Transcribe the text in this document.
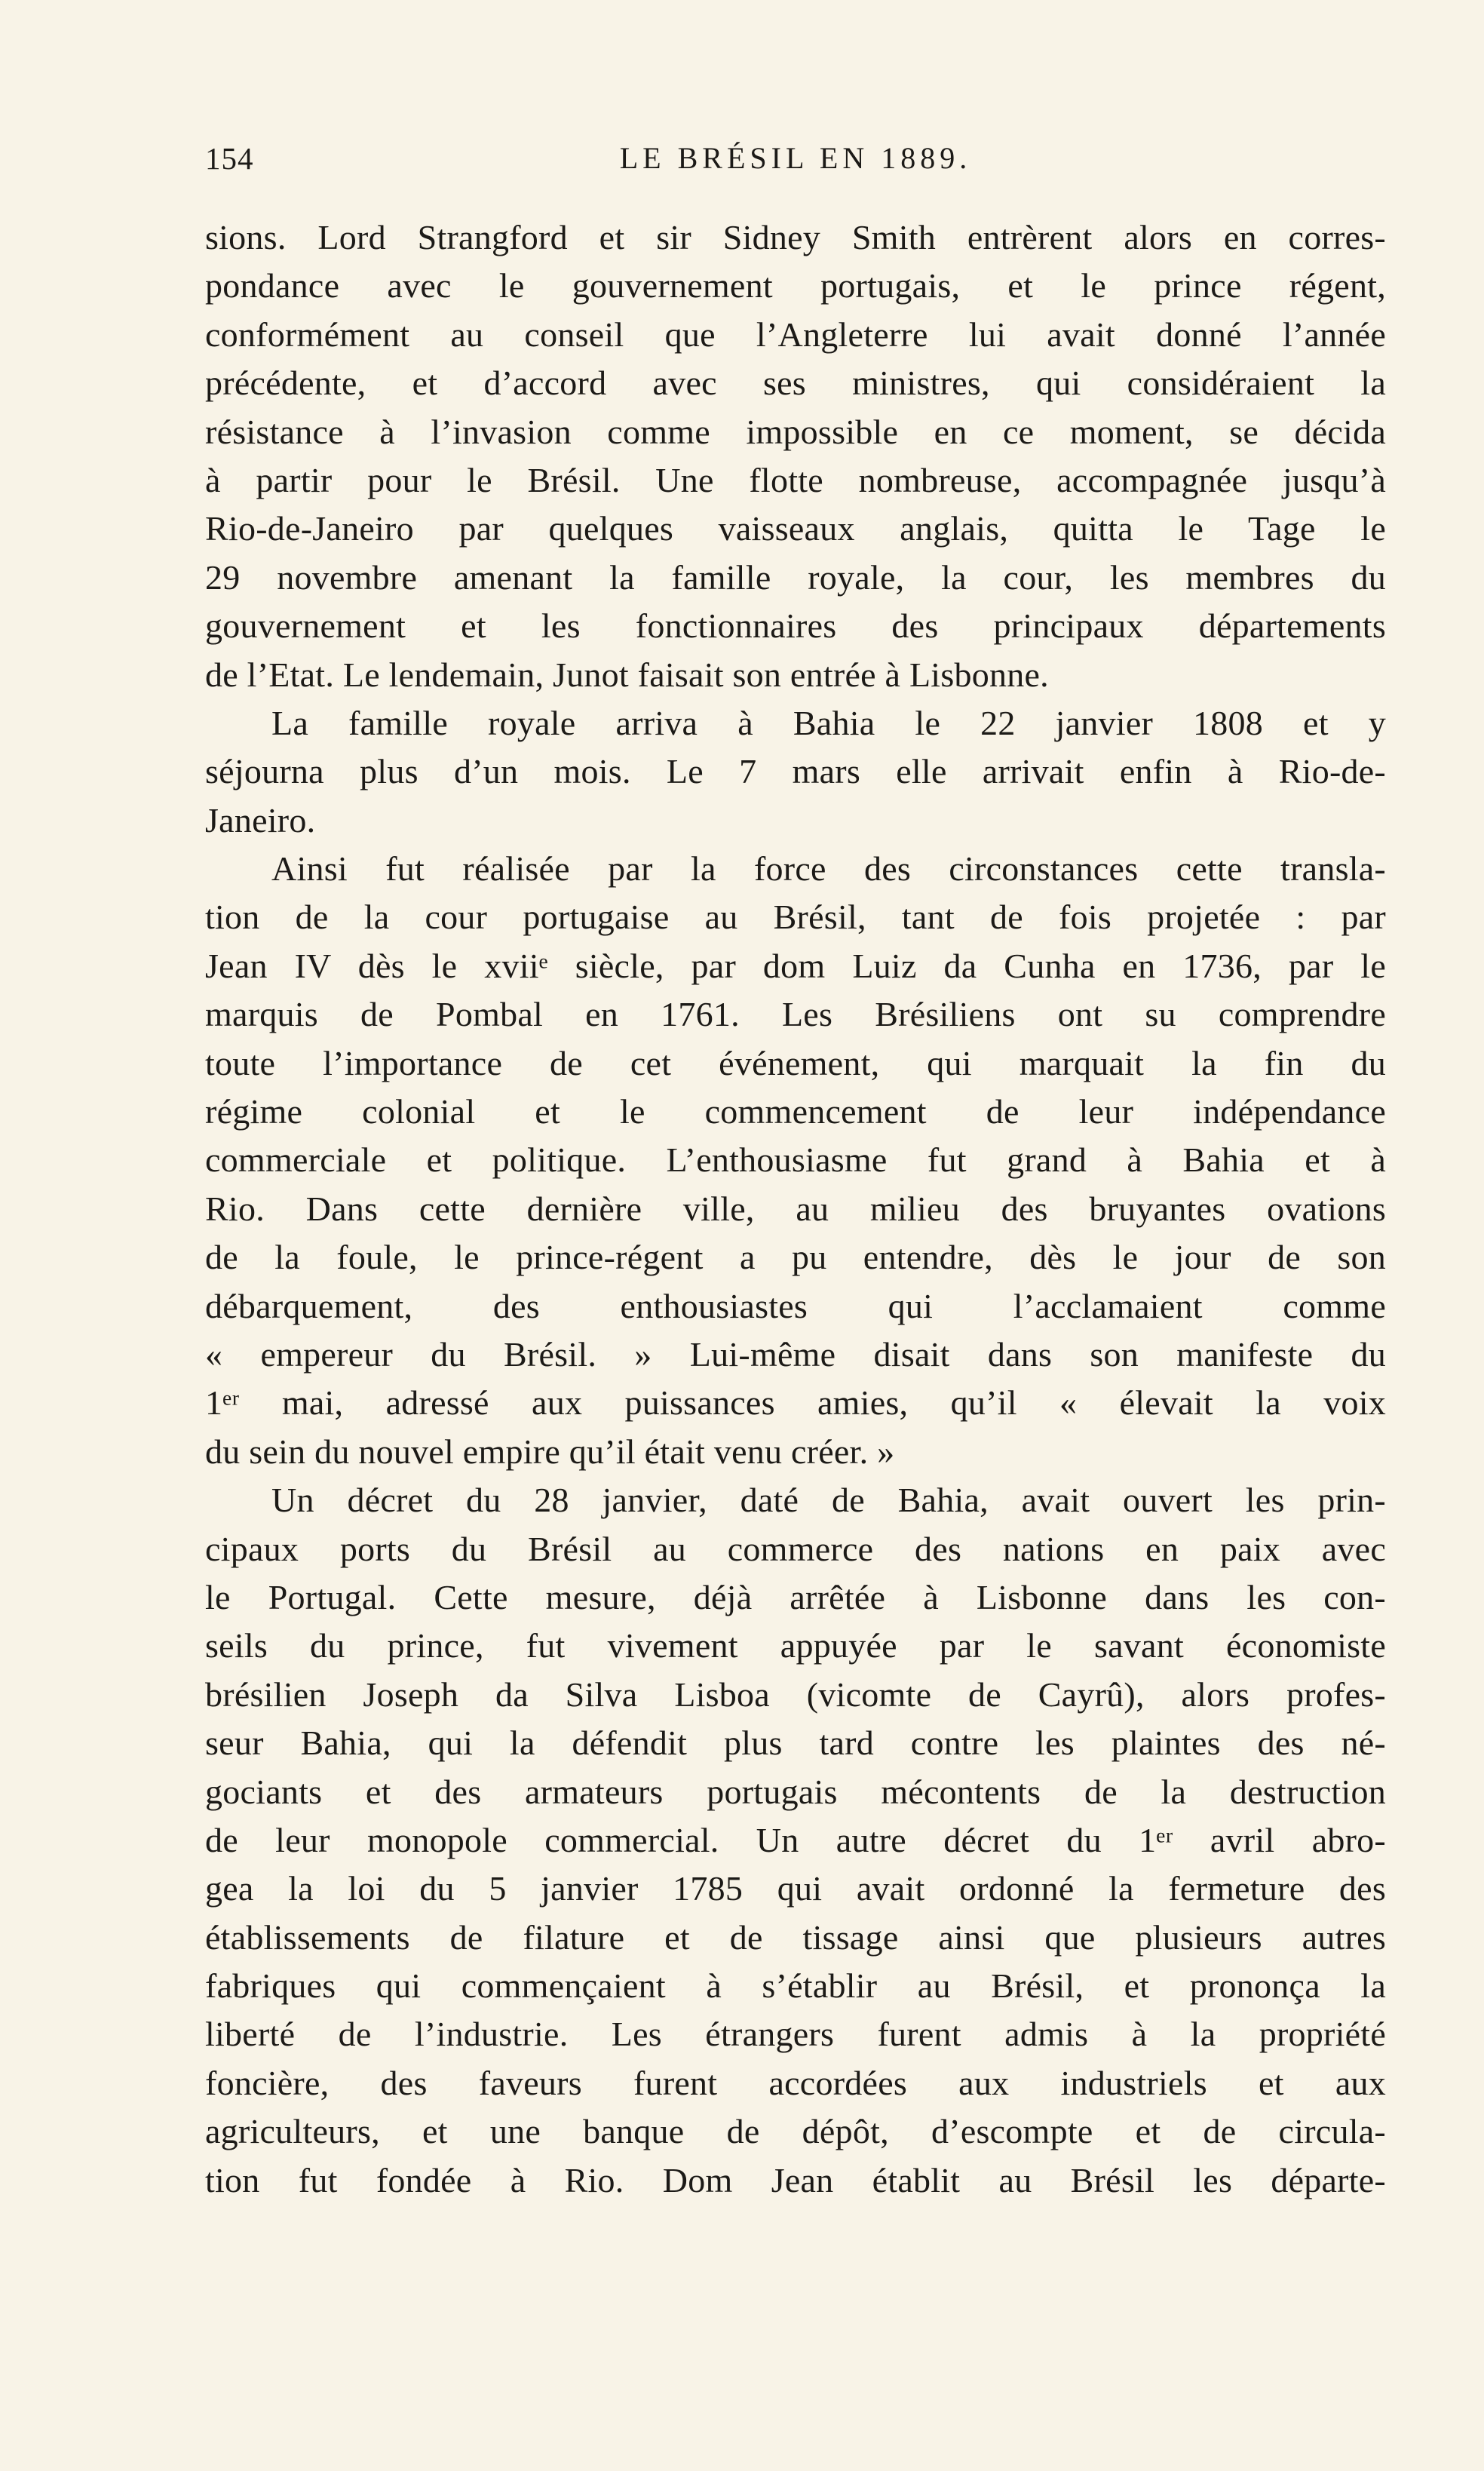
154	LE BRÉSIL EN 1889.
sions. Lord Strangford et sir Sidney Smith entrèrent alors en corres-
pondance avec le gouvernement portugais, et le prince régent,
conformément au conseil que l’Angleterre lui avait donné l’année
précédente, et d’accord avec ses ministres, qui considéraient la
résistance à l’invasion comme impossible en ce moment, se décida
à partir pour le Brésil. Une flotte nombreuse, accompagnée jusqu’à
Rio-de-Janeiro par quelques vaisseaux anglais, quitta le Tage le
29 novembre amenant la famille royale, la cour, les membres du
gouvernement et les fonctionnaires des principaux départements
de l’Etat. Le lendemain, Junot faisait son entrée à Lisbonne.
La famille royale arriva à Bahia le 22 janvier 1808 et y
séjourna plus d’un mois. Le 7 mars elle arrivait enfin à Rio-de-
Janeiro.
Ainsi fut réalisée par la force des circonstances cette transla-
tion de la cour portugaise au Brésil, tant de fois projetée : par
Jean IV dès le xviiᵉ siècle, par dom Luiz da Cunha en 1736, par le
marquis de Pombal en 1761. Les Brésiliens ont su comprendre
toute l’importance de cet événement, qui marquait la fin du
régime colonial et le commencement de leur indépendance
commerciale et politique. L’enthousiasme fut grand à Bahia et à
Rio. Dans cette dernière ville, au milieu des bruyantes ovations
de la foule, le prince-régent a pu entendre, dès le jour de son
débarquement, des enthousiastes qui l’acclamaient comme
« empereur du Brésil. » Lui-même disait dans son manifeste du
1ᵉʳ mai, adressé aux puissances amies, qu’il « élevait la voix
du sein du nouvel empire qu’il était venu créer. »
Un décret du 28 janvier, daté de Bahia, avait ouvert les prin-
cipaux ports du Brésil au commerce des nations en paix avec
le Portugal. Cette mesure, déjà arrêtée à Lisbonne dans les con-
seils du prince, fut vivement appuyée par le savant économiste
brésilien Joseph da Silva Lisboa (vicomte de Cayrû), alors profes-
seur Bahia, qui la défendit plus tard contre les plaintes des né-
gociants et des armateurs portugais mécontents de la destruction
de leur monopole commercial. Un autre décret du 1ᵉʳ avril abro-
gea la loi du 5 janvier 1785 qui avait ordonné la fermeture des
établissements de filature et de tissage ainsi que plusieurs autres
fabriques qui commençaient à s’établir au Brésil, et prononça la
liberté de l’industrie. Les étrangers furent admis à la propriété
foncière, des faveurs furent accordées aux industriels et aux
agriculteurs, et une banque de dépôt, d’escompte et de circula-
tion fut fondée à Rio. Dom Jean établit au Brésil les départe-
